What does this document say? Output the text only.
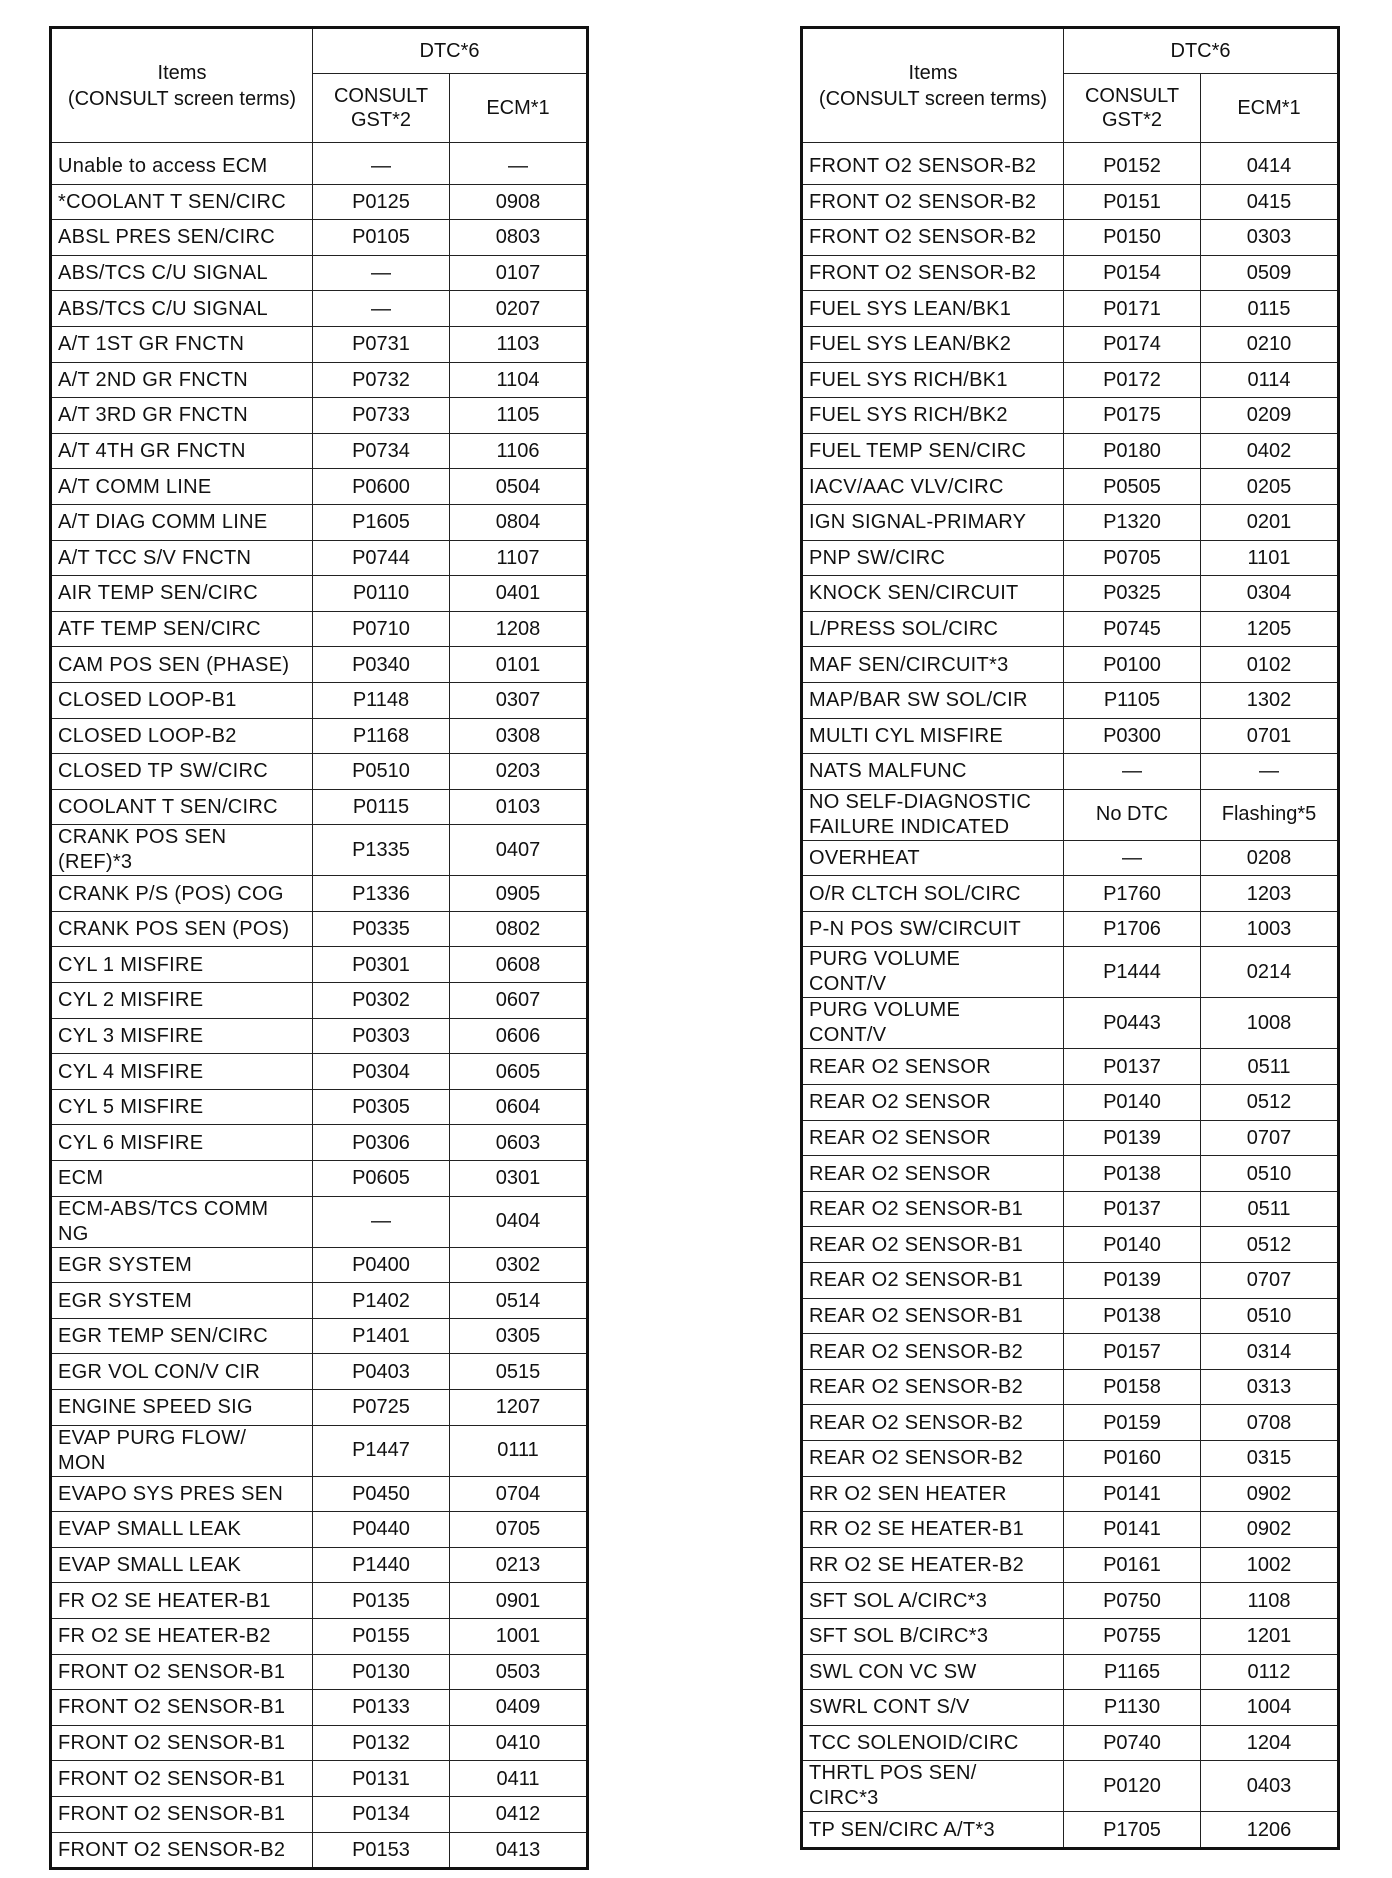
Items
(CONSULT screen terms)	DTC*6	
	CONSULT
GST*2	ECM*1
Unable to access ECM	—	—
*COOLANT T SEN/CIRC	P0125	0908
ABSL PRES SEN/CIRC	P0105	0803
ABS/TCS C/U SIGNAL	—	0107
ABS/TCS C/U SIGNAL	—	0207
A/T 1ST GR FNCTN	P0731	1103
A/T 2ND GR FNCTN	P0732	1104
A/T 3RD GR FNCTN	P0733	1105
A/T 4TH GR FNCTN	P0734	1106
A/T COMM LINE	P0600	0504
A/T DIAG COMM LINE	P1605	0804
A/T TCC S/V FNCTN	P0744	1107
AIR TEMP SEN/CIRC	P0110	0401
ATF TEMP SEN/CIRC	P0710	1208
CAM POS SEN (PHASE)	P0340	0101
CLOSED LOOP-B1	P1148	0307
CLOSED LOOP-B2	P1168	0308
CLOSED TP SW/CIRC	P0510	0203
COOLANT T SEN/CIRC	P0115	0103
CRANK POS SEN
(REF)*3	P1335	0407
CRANK P/S (POS) COG	P1336	0905
CRANK POS SEN (POS)	P0335	0802
CYL 1 MISFIRE	P0301	0608
CYL 2 MISFIRE	P0302	0607
CYL 3 MISFIRE	P0303	0606
CYL 4 MISFIRE	P0304	0605
CYL 5 MISFIRE	P0305	0604
CYL 6 MISFIRE	P0306	0603
ECM	P0605	0301
ECM-ABS/TCS COMM
NG	—	0404
EGR SYSTEM	P0400	0302
EGR SYSTEM	P1402	0514
EGR TEMP SEN/CIRC	P1401	0305
EGR VOL CON/V CIR	P0403	0515
ENGINE SPEED SIG	P0725	1207
EVAP PURG FLOW/
MON	P1447	0111
EVAPO SYS PRES SEN	P0450	0704
EVAP SMALL LEAK	P0440	0705
EVAP SMALL LEAK	P1440	0213
FR O2 SE HEATER-B1	P0135	0901
FR O2 SE HEATER-B2	P0155	1001
FRONT O2 SENSOR-B1	P0130	0503
FRONT O2 SENSOR-B1	P0133	0409
FRONT O2 SENSOR-B1	P0132	0410
FRONT O2 SENSOR-B1	P0131	0411
FRONT O2 SENSOR-B1	P0134	0412
FRONT O2 SENSOR-B2	P0153	0413
Items
(CONSULT screen terms)	DTC*6	
	CONSULT
GST*2	ECM*1
FRONT O2 SENSOR-B2	P0152	0414
FRONT O2 SENSOR-B2	P0151	0415
FRONT O2 SENSOR-B2	P0150	0303
FRONT O2 SENSOR-B2	P0154	0509
FUEL SYS LEAN/BK1	P0171	0115
FUEL SYS LEAN/BK2	P0174	0210
FUEL SYS RICH/BK1	P0172	0114
FUEL SYS RICH/BK2	P0175	0209
FUEL TEMP SEN/CIRC	P0180	0402
IACV/AAC VLV/CIRC	P0505	0205
IGN SIGNAL-PRIMARY	P1320	0201
PNP SW/CIRC	P0705	1101
KNOCK SEN/CIRCUIT	P0325	0304
L/PRESS SOL/CIRC	P0745	1205
MAF SEN/CIRCUIT*3	P0100	0102
MAP/BAR SW SOL/CIR	P1105	1302
MULTI CYL MISFIRE	P0300	0701
NATS MALFUNC	—	—
NO SELF-DIAGNOSTIC
FAILURE INDICATED	No DTC	Flashing*5
OVERHEAT	—	0208
O/R CLTCH SOL/CIRC	P1760	1203
P-N POS SW/CIRCUIT	P1706	1003
PURG VOLUME
CONT/V	P1444	0214
PURG VOLUME
CONT/V	P0443	1008
REAR O2 SENSOR	P0137	0511
REAR O2 SENSOR	P0140	0512
REAR O2 SENSOR	P0139	0707
REAR O2 SENSOR	P0138	0510
REAR O2 SENSOR-B1	P0137	0511
REAR O2 SENSOR-B1	P0140	0512
REAR O2 SENSOR-B1	P0139	0707
REAR O2 SENSOR-B1	P0138	0510
REAR O2 SENSOR-B2	P0157	0314
REAR O2 SENSOR-B2	P0158	0313
REAR O2 SENSOR-B2	P0159	0708
REAR O2 SENSOR-B2	P0160	0315
RR O2 SEN HEATER	P0141	0902
RR O2 SE HEATER-B1	P0141	0902
RR O2 SE HEATER-B2	P0161	1002
SFT SOL A/CIRC*3	P0750	1108
SFT SOL B/CIRC*3	P0755	1201
SWL CON VC SW	P1165	0112
SWRL CONT S/V	P1130	1004
TCC SOLENOID/CIRC	P0740	1204
THRTL POS SEN/
CIRC*3	P0120	0403
TP SEN/CIRC A/T*3	P1705	1206
